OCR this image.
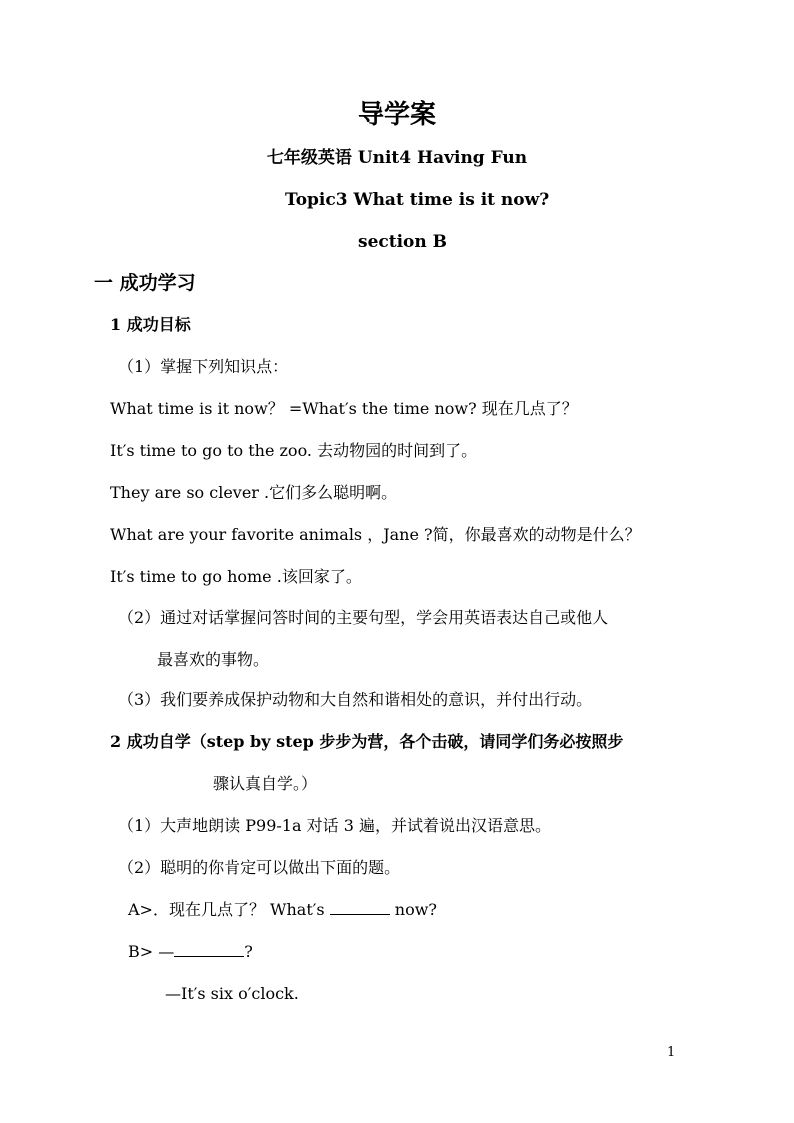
导学案
七年级英语 Unit4 Having Fun
Topic3 What time is it now?
section B
一 成功学习
1 成功目标
（1）掌握下列知识点：
What time is it now？ =What′s the time now? 现在几点了？
It′s time to go to the zoo. 去动物园的时间到了。
They are so clever .它们多么聪明啊。
What are your favorite animals ，Jane ?简，你最喜欢的动物是什么？
It′s time to go home .该回家了。
（2）通过对话掌握问答时间的主要句型，学会用英语表达自己或他人
最喜欢的事物。
（3）我们要养成保护动物和大自然和谐相处的意识，并付出行动。
2 成功自学（step by step 步步为营，各个击破，请同学们务必按照步
骤认真自学。）
（1）大声地朗读 P99-1a 对话 3 遍，并试着说出汉语意思。
（2）聪明的你肯定可以做出下面的题。
A>．现在几点了？ What′s	now?
B> —	?
—It′s six o′clock.
1
